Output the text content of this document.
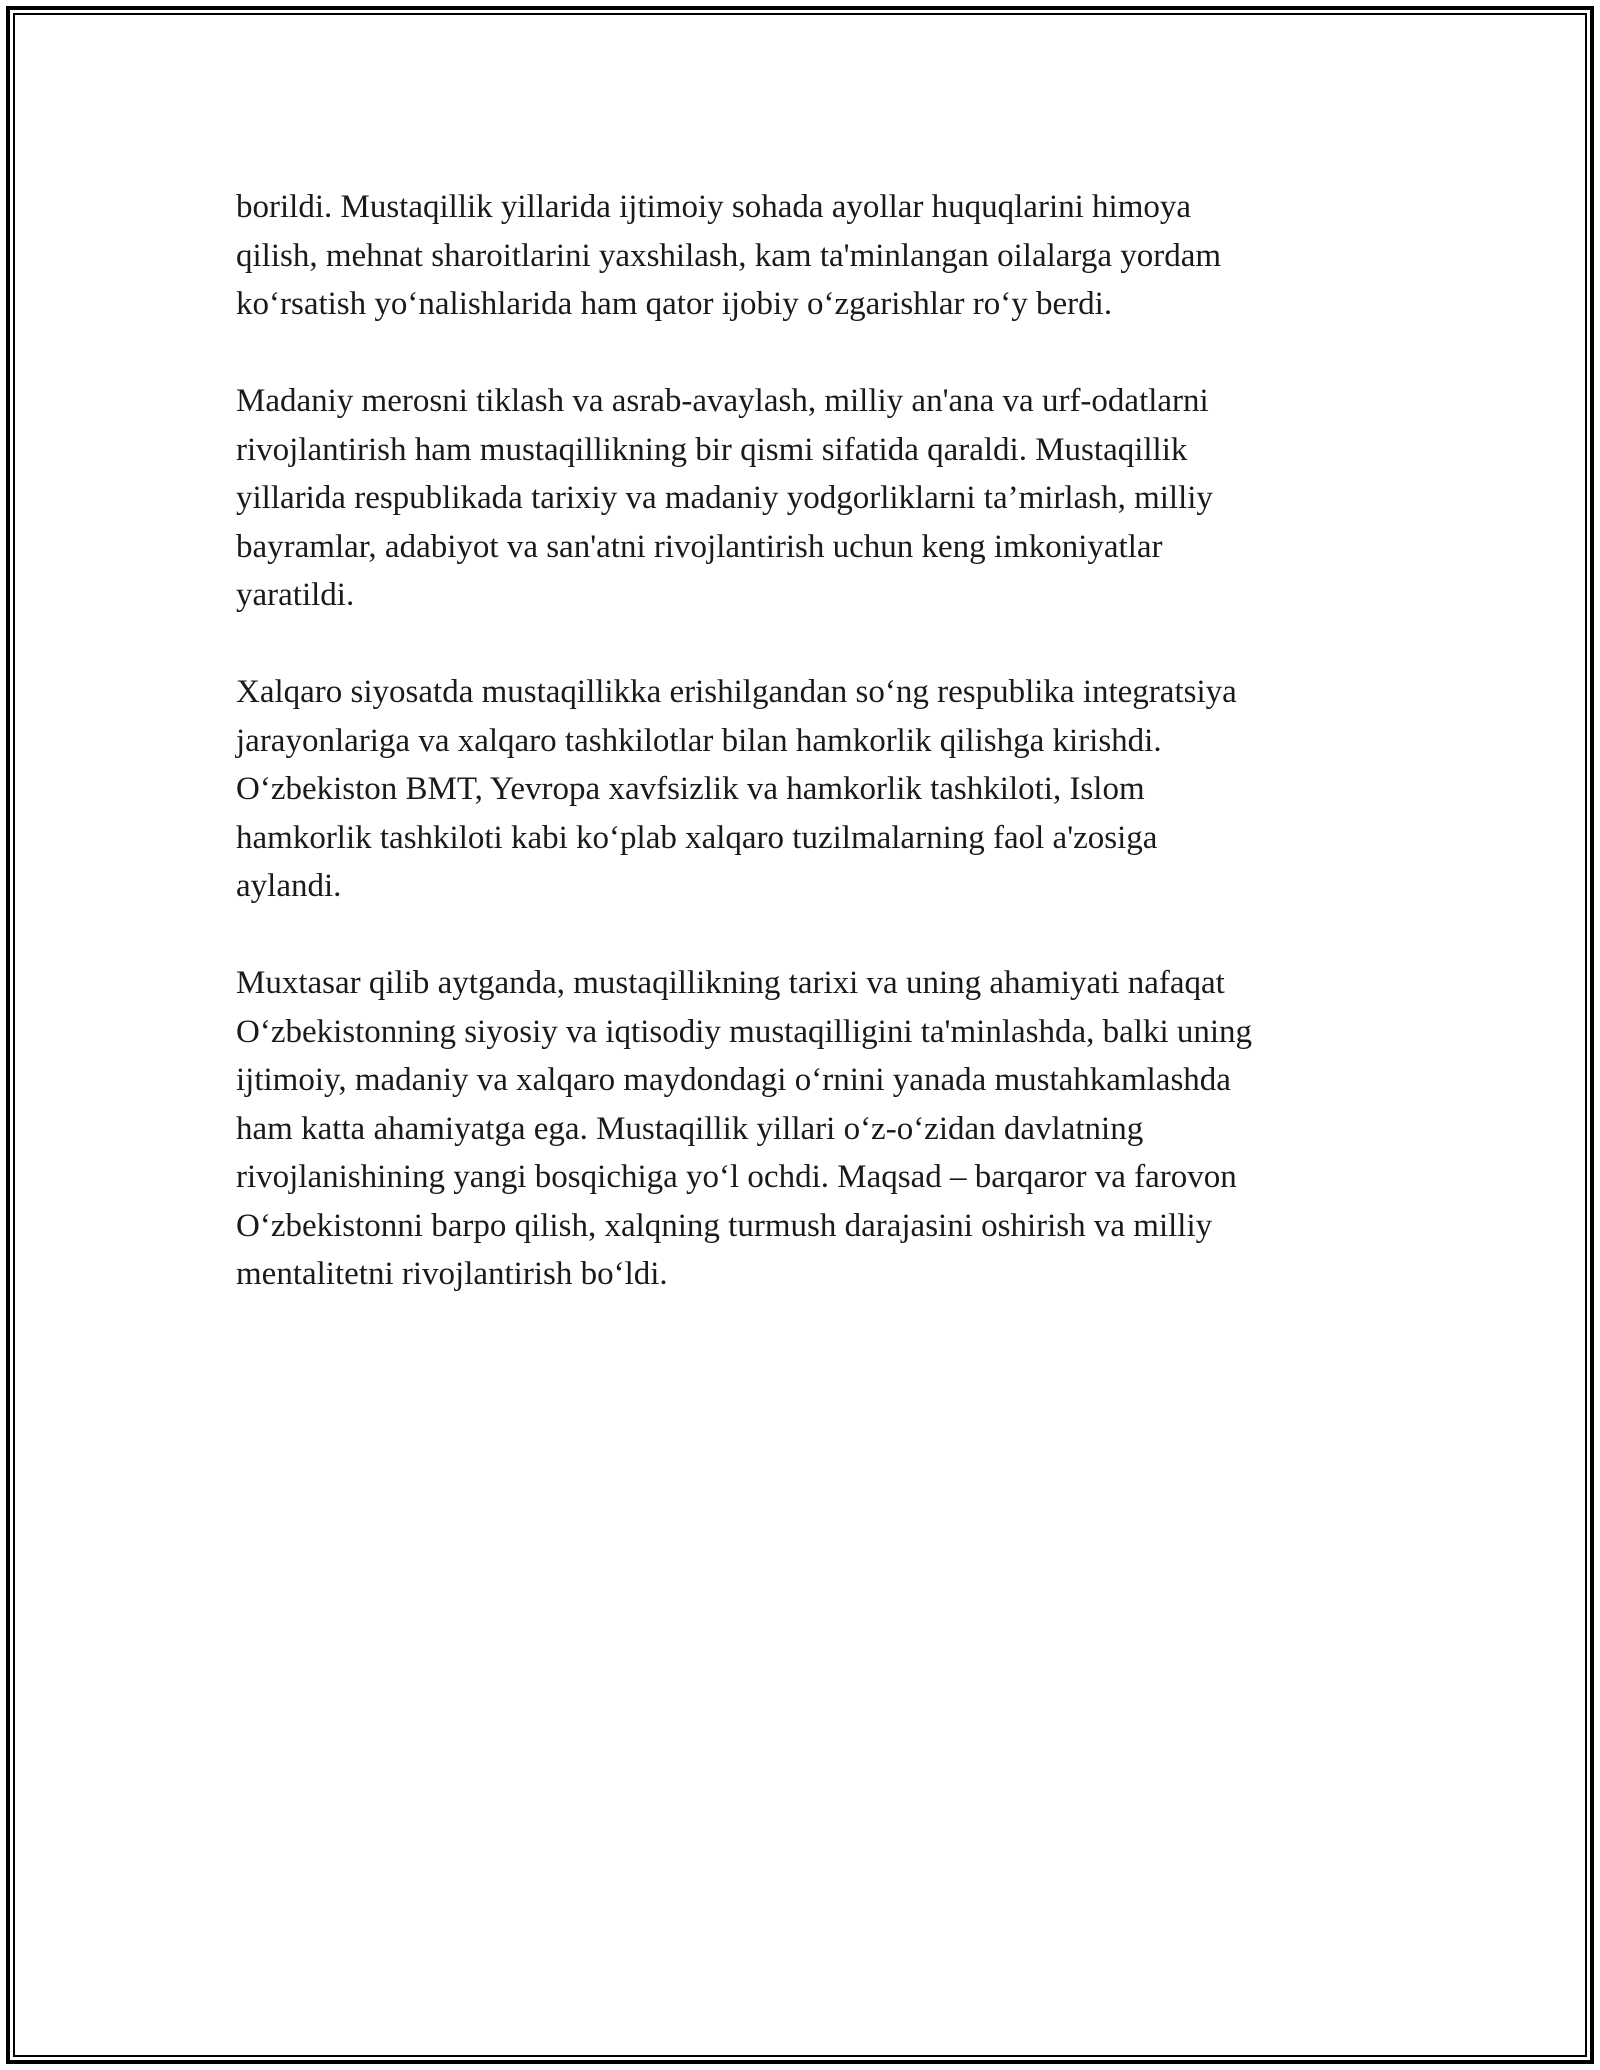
borildi. Mustaqillik yillarida ijtimoiy sohada ayollar huquqlarini himoya
qilish, mehnat sharoitlarini yaxshilash, kam ta'minlangan oilalarga yordam
ko‘rsatish yo‘nalishlarida ham qator ijobiy o‘zgarishlar ro‘y berdi.

Madaniy merosni tiklash va asrab-avaylash, milliy an'ana va urf-odatlarni
rivojlantirish ham mustaqillikning bir qismi sifatida qaraldi. Mustaqillik
yillarida respublikada tarixiy va madaniy yodgorliklarni ta’mirlash, milliy
bayramlar, adabiyot va san'atni rivojlantirish uchun keng imkoniyatlar
yaratildi.

Xalqaro siyosatda mustaqillikka erishilgandan so‘ng respublika integratsiya
jarayonlariga va xalqaro tashkilotlar bilan hamkorlik qilishga kirishdi.
O‘zbekiston BMT, Yevropa xavfsizlik va hamkorlik tashkiloti, Islom
hamkorlik tashkiloti kabi ko‘plab xalqaro tuzilmalarning faol a'zosiga
aylandi.

Muxtasar qilib aytganda, mustaqillikning tarixi va uning ahamiyati nafaqat
O‘zbekistonning siyosiy va iqtisodiy mustaqilligini ta'minlashda, balki uning
ijtimoiy, madaniy va xalqaro maydondagi o‘rnini yanada mustahkamlashda
ham katta ahamiyatga ega. Mustaqillik yillari o‘z-o‘zidan davlatning
rivojlanishining yangi bosqichiga yo‘l ochdi. Maqsad – barqaror va farovon
O‘zbekistonni barpo qilish, xalqning turmush darajasini oshirish va milliy
mentalitetni rivojlantirish bo‘ldi.
